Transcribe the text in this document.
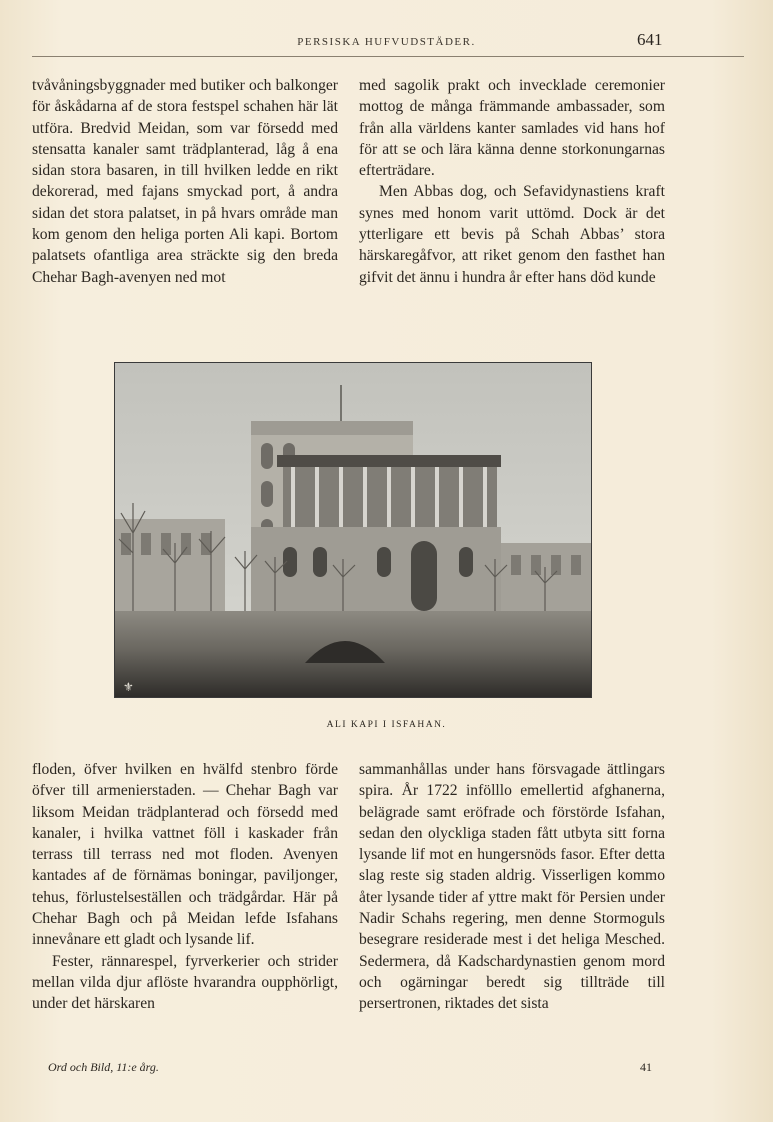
PERSISKA HUFVUDSTÄDER.	641

tvåvåningsbyggnader med butiker och balkonger för åskådarna af de stora festspel schahen här lät utföra. Bredvid Meidan, som var försedd med stensatta kanaler samt trädplanterad, låg å ena sidan stora basaren, in till hvilken ledde en rikt dekorerad, med fajans smyckad port, å andra sidan det stora palatset, in på hvars område man kom genom den heliga porten Ali kapi. Bortom palatsets ofantliga area sträckte sig den breda Chehar Bagh-avenyen ned mot

med sagolik prakt och invecklade ceremonier mottog de många främmande ambassader, som från alla världens kanter samlades vid hans hof för att se och lära känna denne storkonungarnas efterträdare.

Men Abbas dog, och Sefavidynastiens kraft synes med honom varit uttömd. Dock är det ytterligare ett bevis på Schah Abbas’ stora härskaregåfvor, att riket genom den fasthet han gifvit det ännu i hundra år efter hans död kunde

⚜
ALI KAPI I ISFAHAN.

floden, öfver hvilken en hvälfd stenbro förde öfver till armenierstaden. — Chehar Bagh var liksom Meidan trädplanterad och försedd med kanaler, i hvilka vattnet föll i kaskader från terrass till terrass ned mot floden. Avenyen kantades af de förnämas boningar, paviljonger, tehus, förlustelseställen och trädgårdar. Här på Chehar Bagh och på Meidan lefde Isfahans innevånare ett gladt och lysande lif.

Fester, rännarespel, fyrverkerier och strider mellan vilda djur aflöste hvarandra oupphörligt, under det härskaren

sammanhållas under hans försvagade ättlingars spira. År 1722 infölllo emellertid afghanerna, belägrade samt eröfrade och förstörde Isfahan, sedan den olyckliga staden fått utbyta sitt forna lysande lif mot en hungersnöds fasor. Efter detta slag reste sig staden aldrig. Visserligen kommo åter lysande tider af yttre makt för Persien under Nadir Schahs regering, men denne Stormoguls besegrare residerade mest i det heliga Mesched. Sedermera, då Kadschardynastien genom mord och ogärningar beredt sig tillträde till persertronen, riktades det sista

Ord och Bild, 11:e årg.	41
